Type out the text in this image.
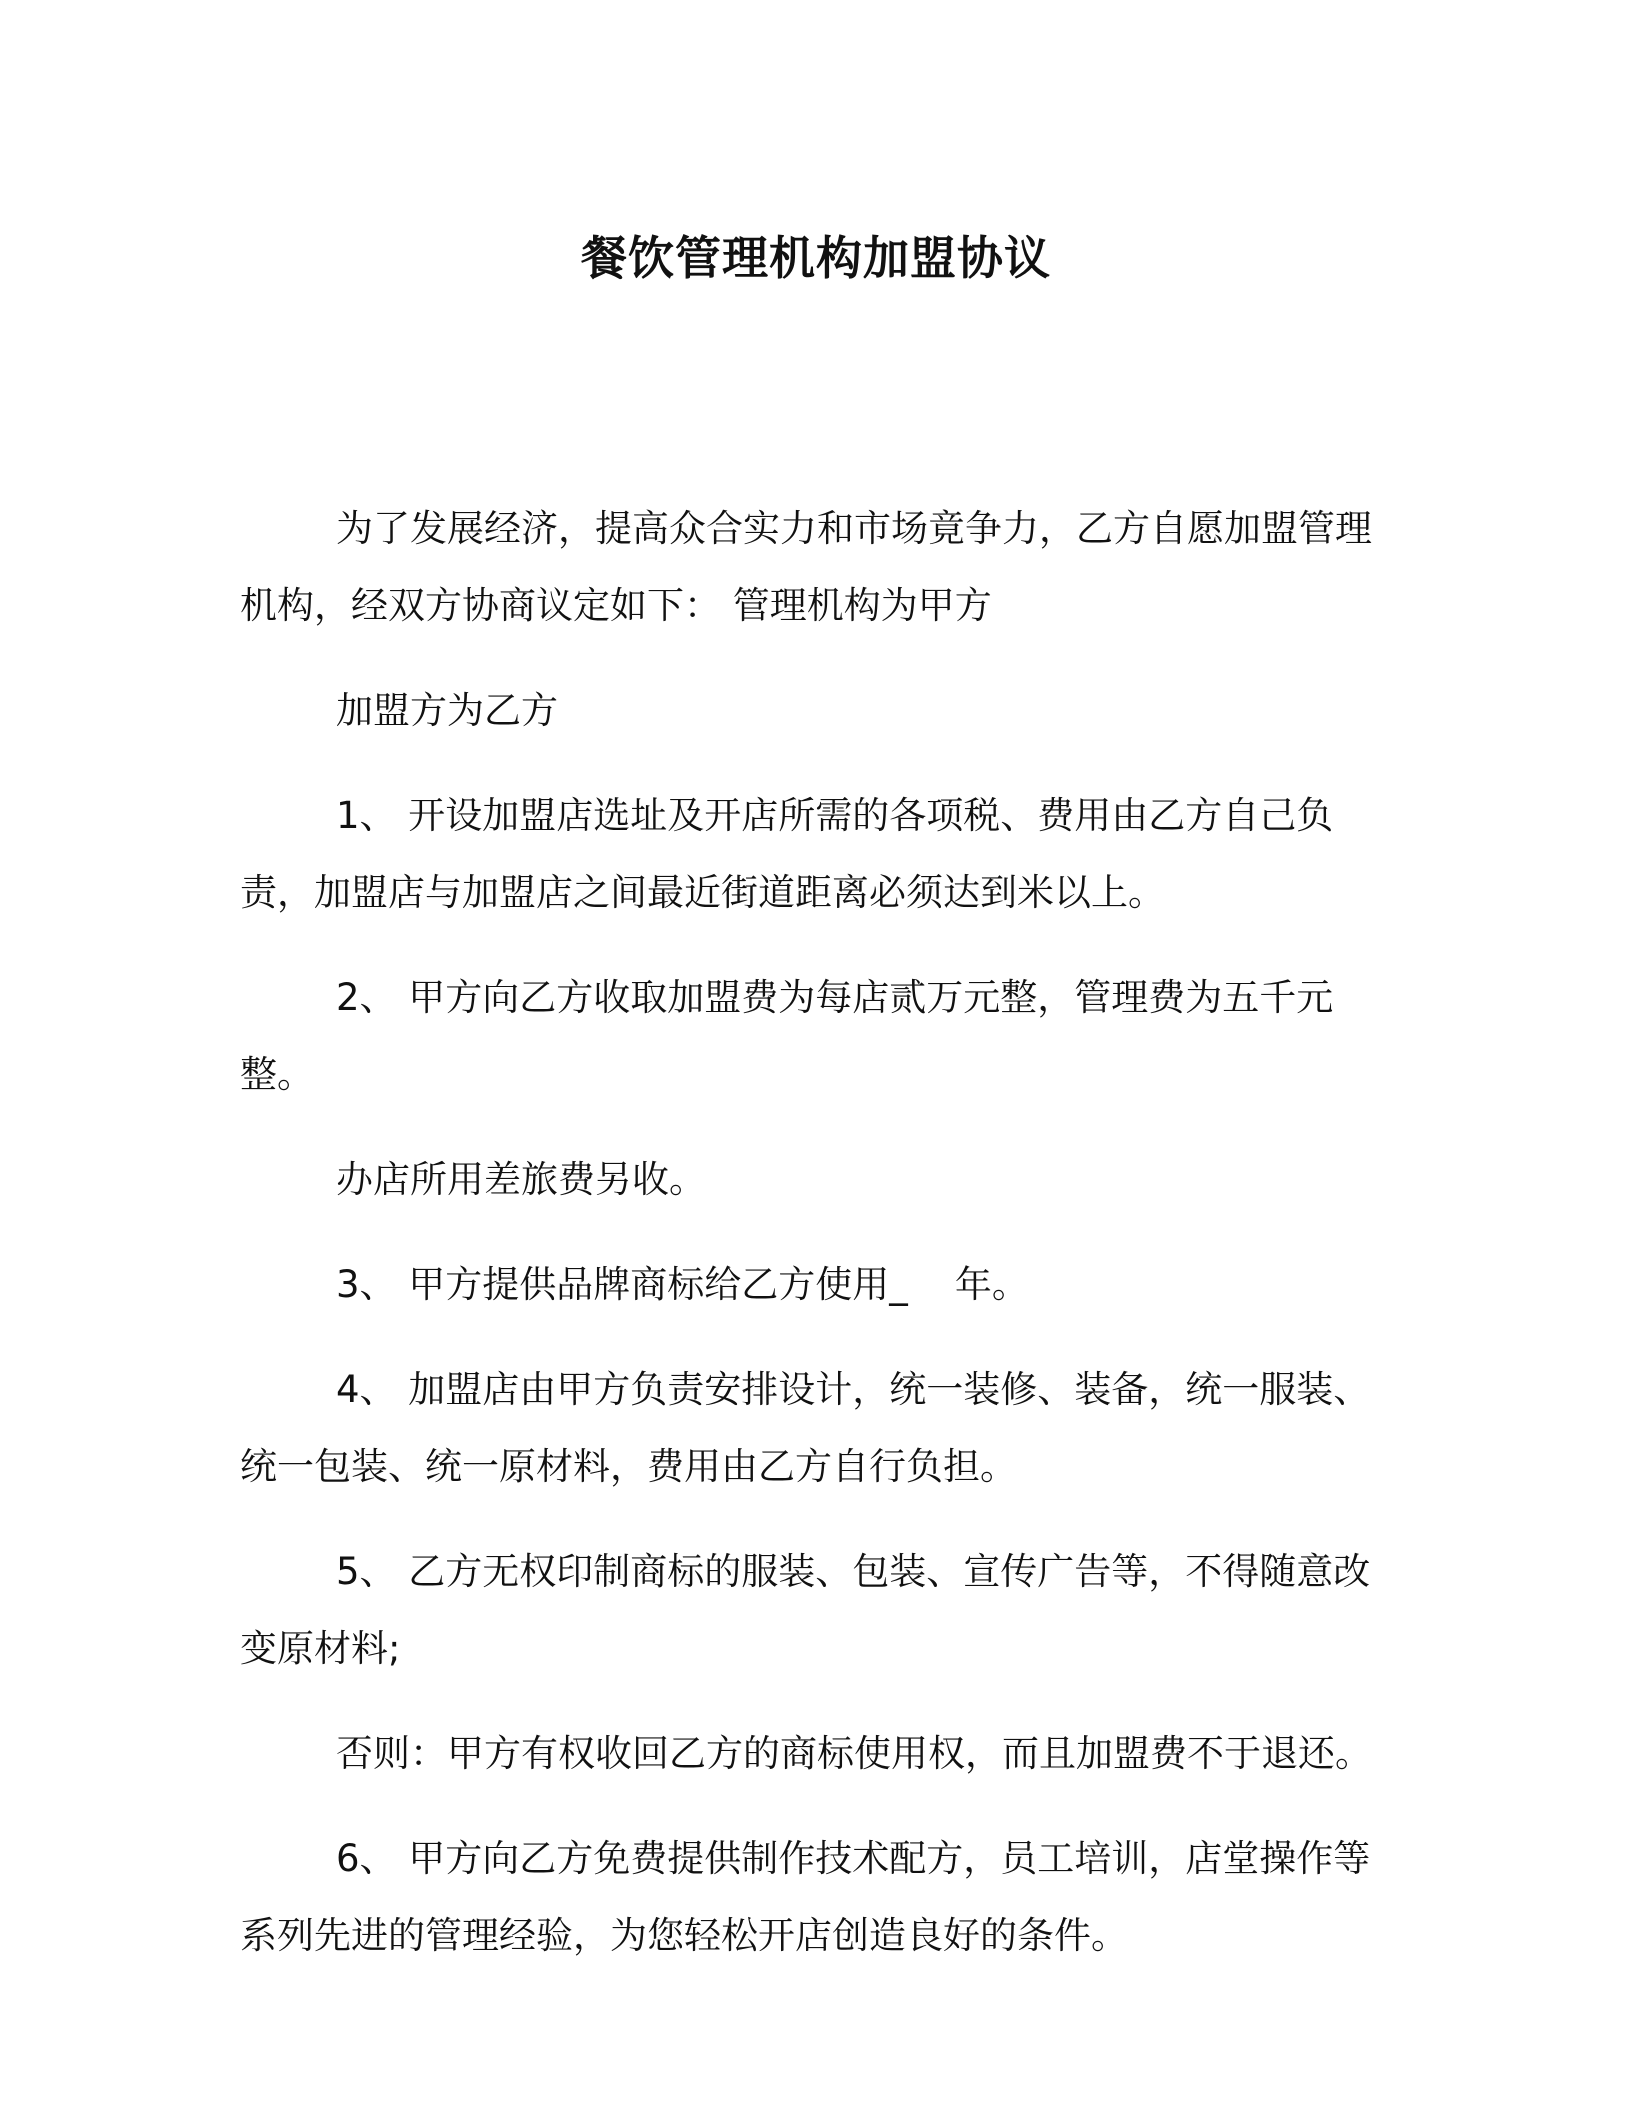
餐饮管理机构加盟协议

为了发展经济，提高众合实力和市场竟争力，乙方自愿加盟管理机构，经双方协商议定如下： 管理机构为甲方

加盟方为乙方

1、 开设加盟店选址及开店所需的各项税、费用由乙方自己负责，加盟店与加盟店之间最近街道距离必须达到米以上。

2、 甲方向乙方收取加盟费为每店贰万元整，管理费为五千元整。

办店所用差旅费另收。

3、 甲方提供品牌商标给乙方使用_    年。

4、 加盟店由甲方负责安排设计，统一装修、装备，统一服装、统一包装、统一原材料，费用由乙方自行负担。

5、 乙方无权印制商标的服装、包装、宣传广告等，不得随意改变原材料;

否则：甲方有权收回乙方的商标使用权，而且加盟费不于退还。

6、 甲方向乙方免费提供制作技术配方，员工培训，店堂操作等系列先进的管理经验，为您轻松开店创造良好的条件。
